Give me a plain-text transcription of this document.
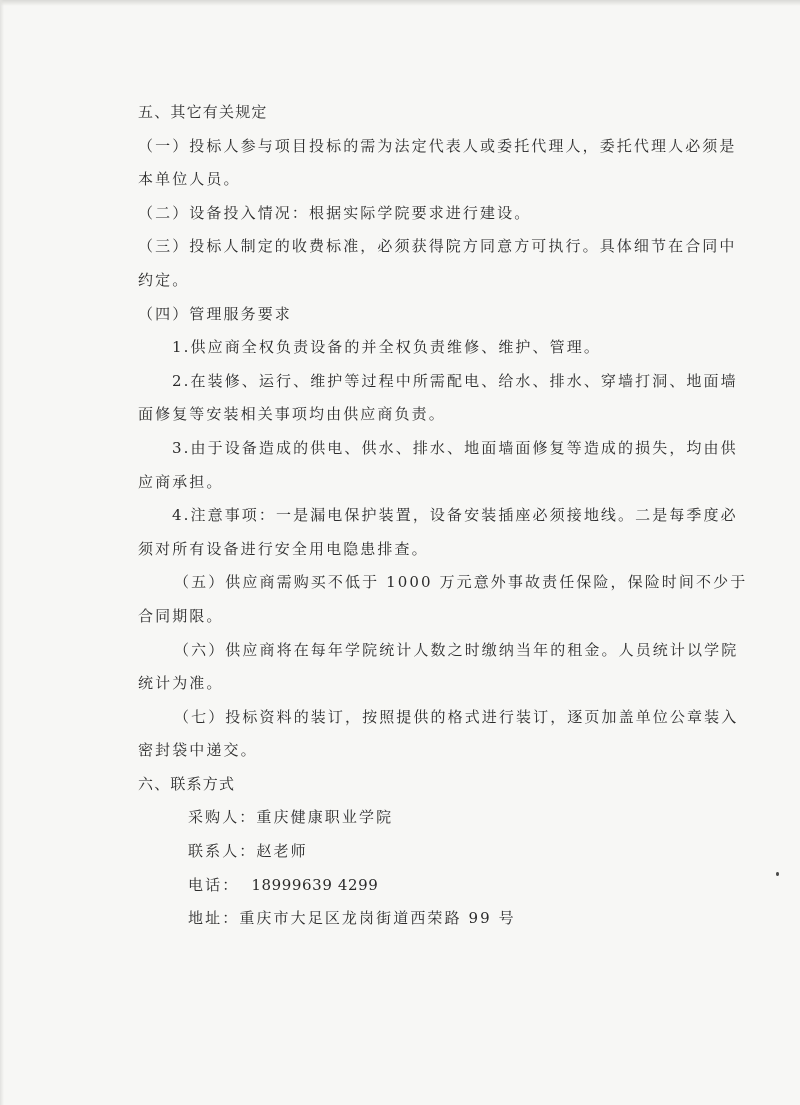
五、其它有关规定
（一）投标人参与项目投标的需为法定代表人或委托代理人，委托代理人必须是
本单位人员。
（二）设备投入情况：根据实际学院要求进行建设。
（三）投标人制定的收费标准，必须获得院方同意方可执行。具体细节在合同中
约定。
（四）管理服务要求
1.供应商全权负责设备的并全权负责维修、维护、管理。
2.在装修、运行、维护等过程中所需配电、给水、排水、穿墙打洞、地面墙
面修复等安装相关事项均由供应商负责。
3.由于设备造成的供电、供水、排水、地面墙面修复等造成的损失，均由供
应商承担。
4.注意事项：一是漏电保护装置，设备安装插座必须接地线。二是每季度必
须对所有设备进行安全用电隐患排查。
（五）供应商需购买不低于 1000 万元意外事故责任保险，保险时间不少于
合同期限。
（六）供应商将在每年学院统计人数之时缴纳当年的租金。人员统计以学院
统计为准。
（七）投标资料的装订，按照提供的格式进行装订，逐页加盖单位公章装入
密封袋中递交。
六、联系方式
采购人：重庆健康职业学院
联系人：赵老师
电话： 18999639 4299
地址：重庆市大足区龙岗街道西荣路 99 号
